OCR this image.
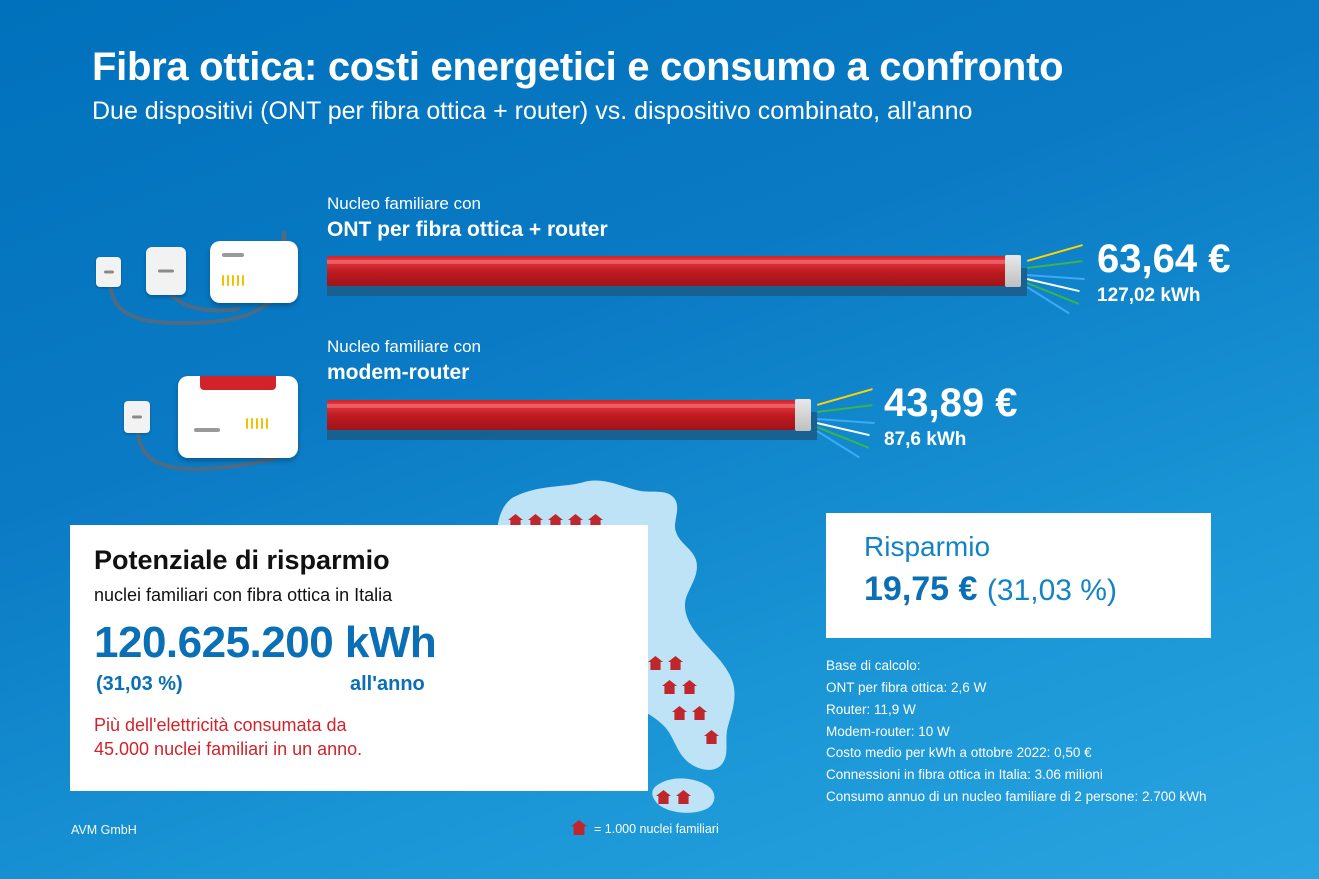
Fibra ottica: costi energetici e consumo a confronto

Due dispositivi (ONT per fibra ottica + router) vs. dispositivo combinato, all'anno

Nucleo familiare con
ONT per fibra ottica + router
63,64 €
127,02 kWh
Nucleo familiare con
modem-router
43,89 €
87,6 kWh
Potenziale di risparmio
nuclei familiari con fibra ottica in Italia
120.625.200 kWh
(31,03 %)	all'anno
Più dell'elettricità consumata da
45.000 nuclei familiari in un anno.
Risparmio
19,75 € (31,03 %)
Base di calcolo:
ONT per fibra ottica: 2,6 W
Router: 11,9 W
Modem-router: 10 W
Costo medio per kWh a ottobre 2022: 0,50 €
Connessioni in fibra ottica in Italia: 3.06 milioni
Consumo annuo di un nucleo familiare di 2 persone: 2.700 kWh
AVM GmbH	= 1.000 nuclei familiari
